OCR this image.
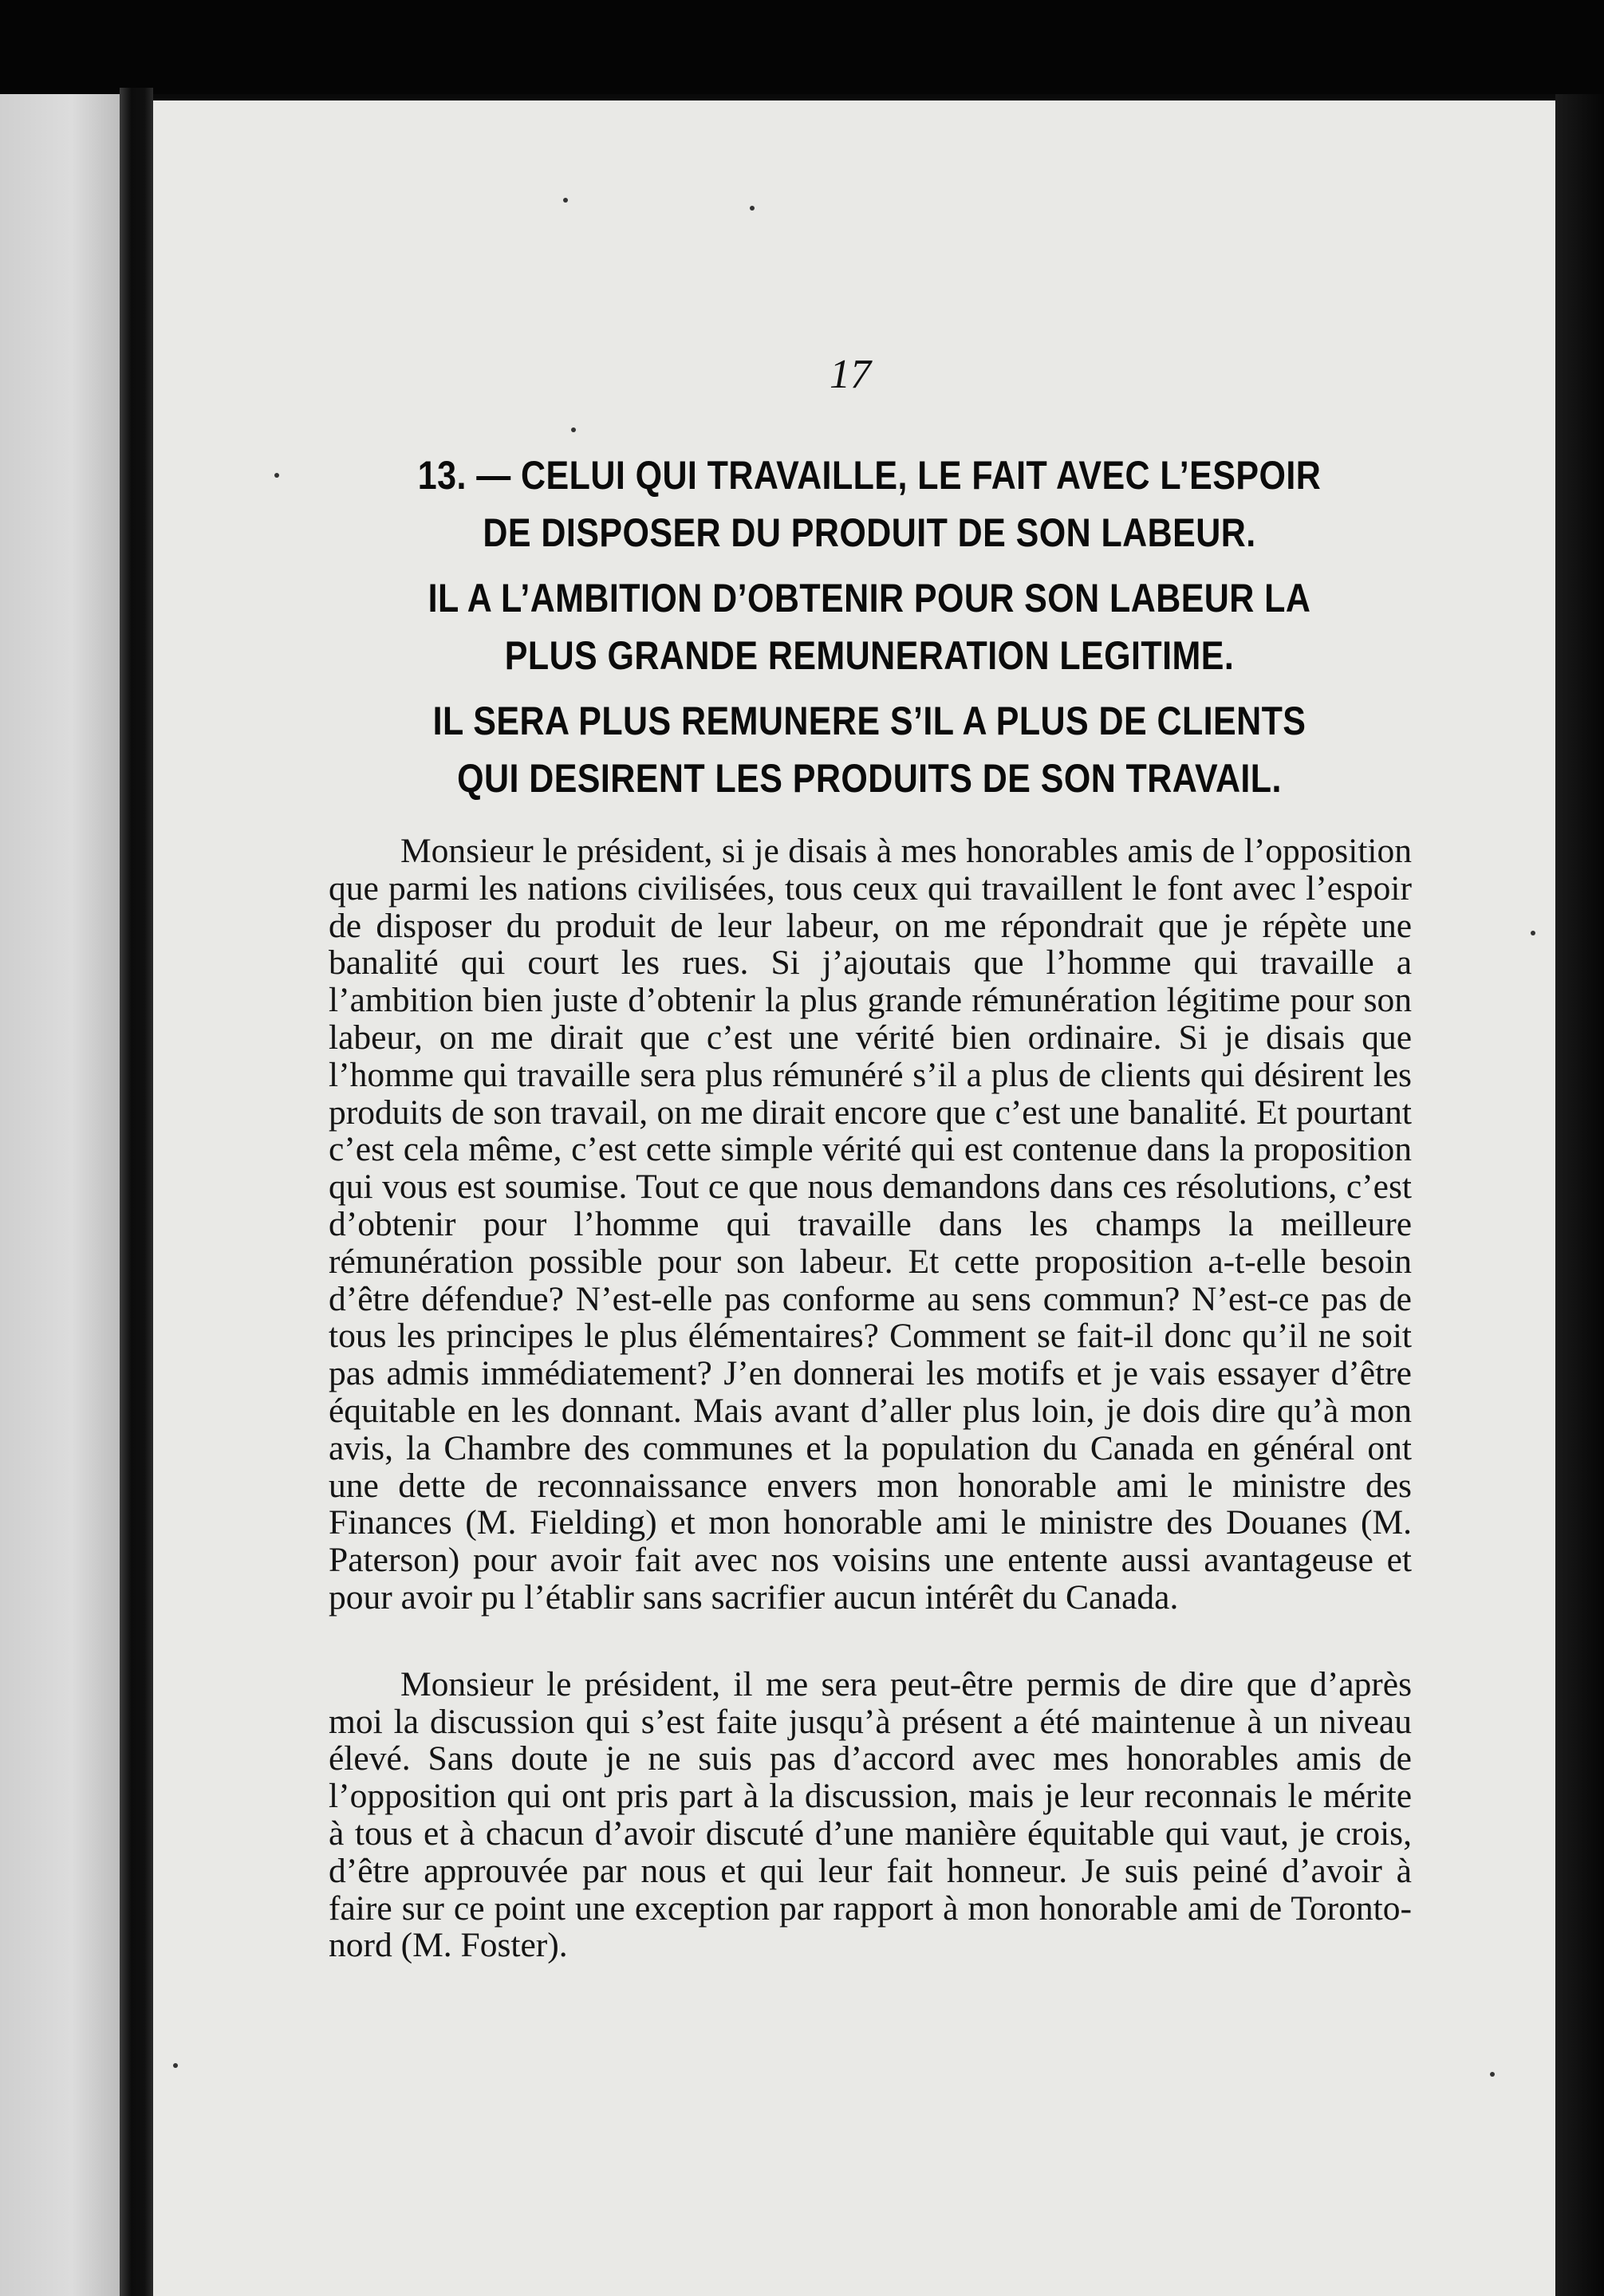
17
13. — CELUI QUI TRAVAILLE, LE FAIT AVEC L’ESPOIR DE DISPOSER DU PRODUIT DE SON LABEUR.
IL A L’AMBITION D’OBTENIR POUR SON LABEUR LA PLUS GRANDE REMUNERATION LEGITIME.
IL SERA PLUS REMUNERE S’IL A PLUS DE CLIENTS QUI DESIRENT LES PRODUITS DE SON TRAVAIL.

Monsieur le président, si je disais à mes honorables amis de l’opposition que parmi les nations civilisées, tous ceux qui travaillent le font avec l’espoir de disposer du produit de leur labeur, on me répondrait que je répète une banalité qui court les rues. Si j’ajoutais que l’homme qui travaille a l’ambition bien juste d’obtenir la plus grande rémunération légitime pour son labeur, on me dirait que c’est une vérité bien ordinaire. Si je disais que l’homme qui travaille sera plus rémunéré s’il a plus de clients qui désirent les produits de son travail, on me dirait encore que c’est une banalité. Et pourtant c’est cela même, c’est cette simple vérité qui est contenue dans la proposition qui vous est soumise. Tout ce que nous demandons dans ces résolutions, c’est d’obtenir pour l’homme qui travaille dans les champs la meilleure rémunération possible pour son labeur. Et cette proposition a-t-elle besoin d’être défendue? N’est-elle pas conforme au sens commun? N’est-ce pas de tous les principes le plus élémentaires? Comment se fait-il donc qu’il ne soit pas admis immédiatement? J’en donnerai les motifs et je vais essayer d’être équitable en les donnant. Mais avant d’aller plus loin, je dois dire qu’à mon avis, la Chambre des communes et la population du Canada en général ont une dette de reconnaissance envers mon honorable ami le ministre des Finances (M. Fielding) et mon honorable ami le ministre des Douanes (M. Paterson) pour avoir fait avec nos voisins une entente aussi avantageuse et pour avoir pu l’établir sans sacrifier aucun intérêt du Canada.

Monsieur le président, il me sera peut-être permis de dire que d’après moi la discussion qui s’est faite jusqu’à présent a été maintenue à un niveau élevé. Sans doute je ne suis pas d’accord avec mes honorables amis de l’opposition qui ont pris part à la discussion, mais je leur reconnais le mérite à tous et à chacun d’avoir discuté d’une manière équitable qui vaut, je crois, d’être approuvée par nous et qui leur fait honneur. Je suis peiné d’avoir à faire sur ce point une exception par rapport à mon honorable ami de Toronto-nord (M. Foster).
